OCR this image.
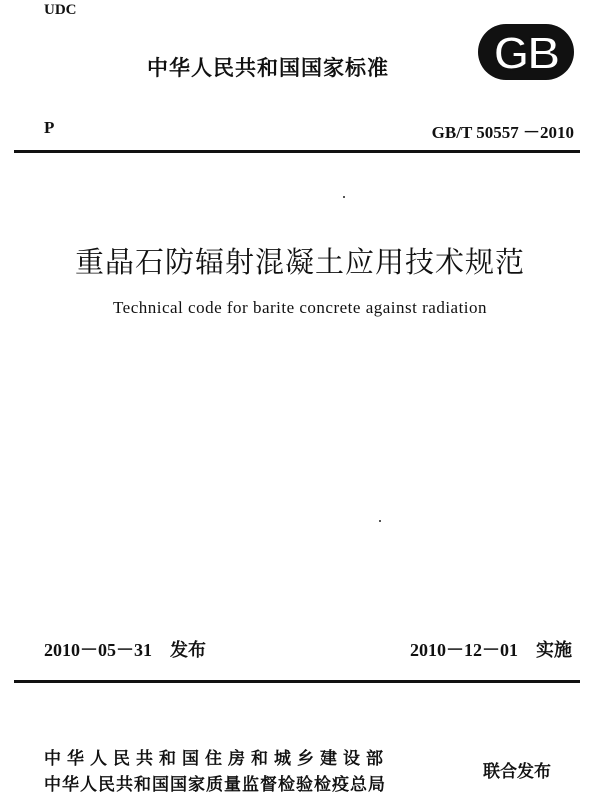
UDC
中华人民共和国国家标准 GB
P	GB/T 50557 －2010
重晶石防辐射混凝土应用技术规范
Technical code for barite concrete against radiation
2010－05－31　发布	2010－12－01　实施
中华人民共和国住房和城乡建设部
中华人民共和国国家质量监督检验检疫总局
联合发布
